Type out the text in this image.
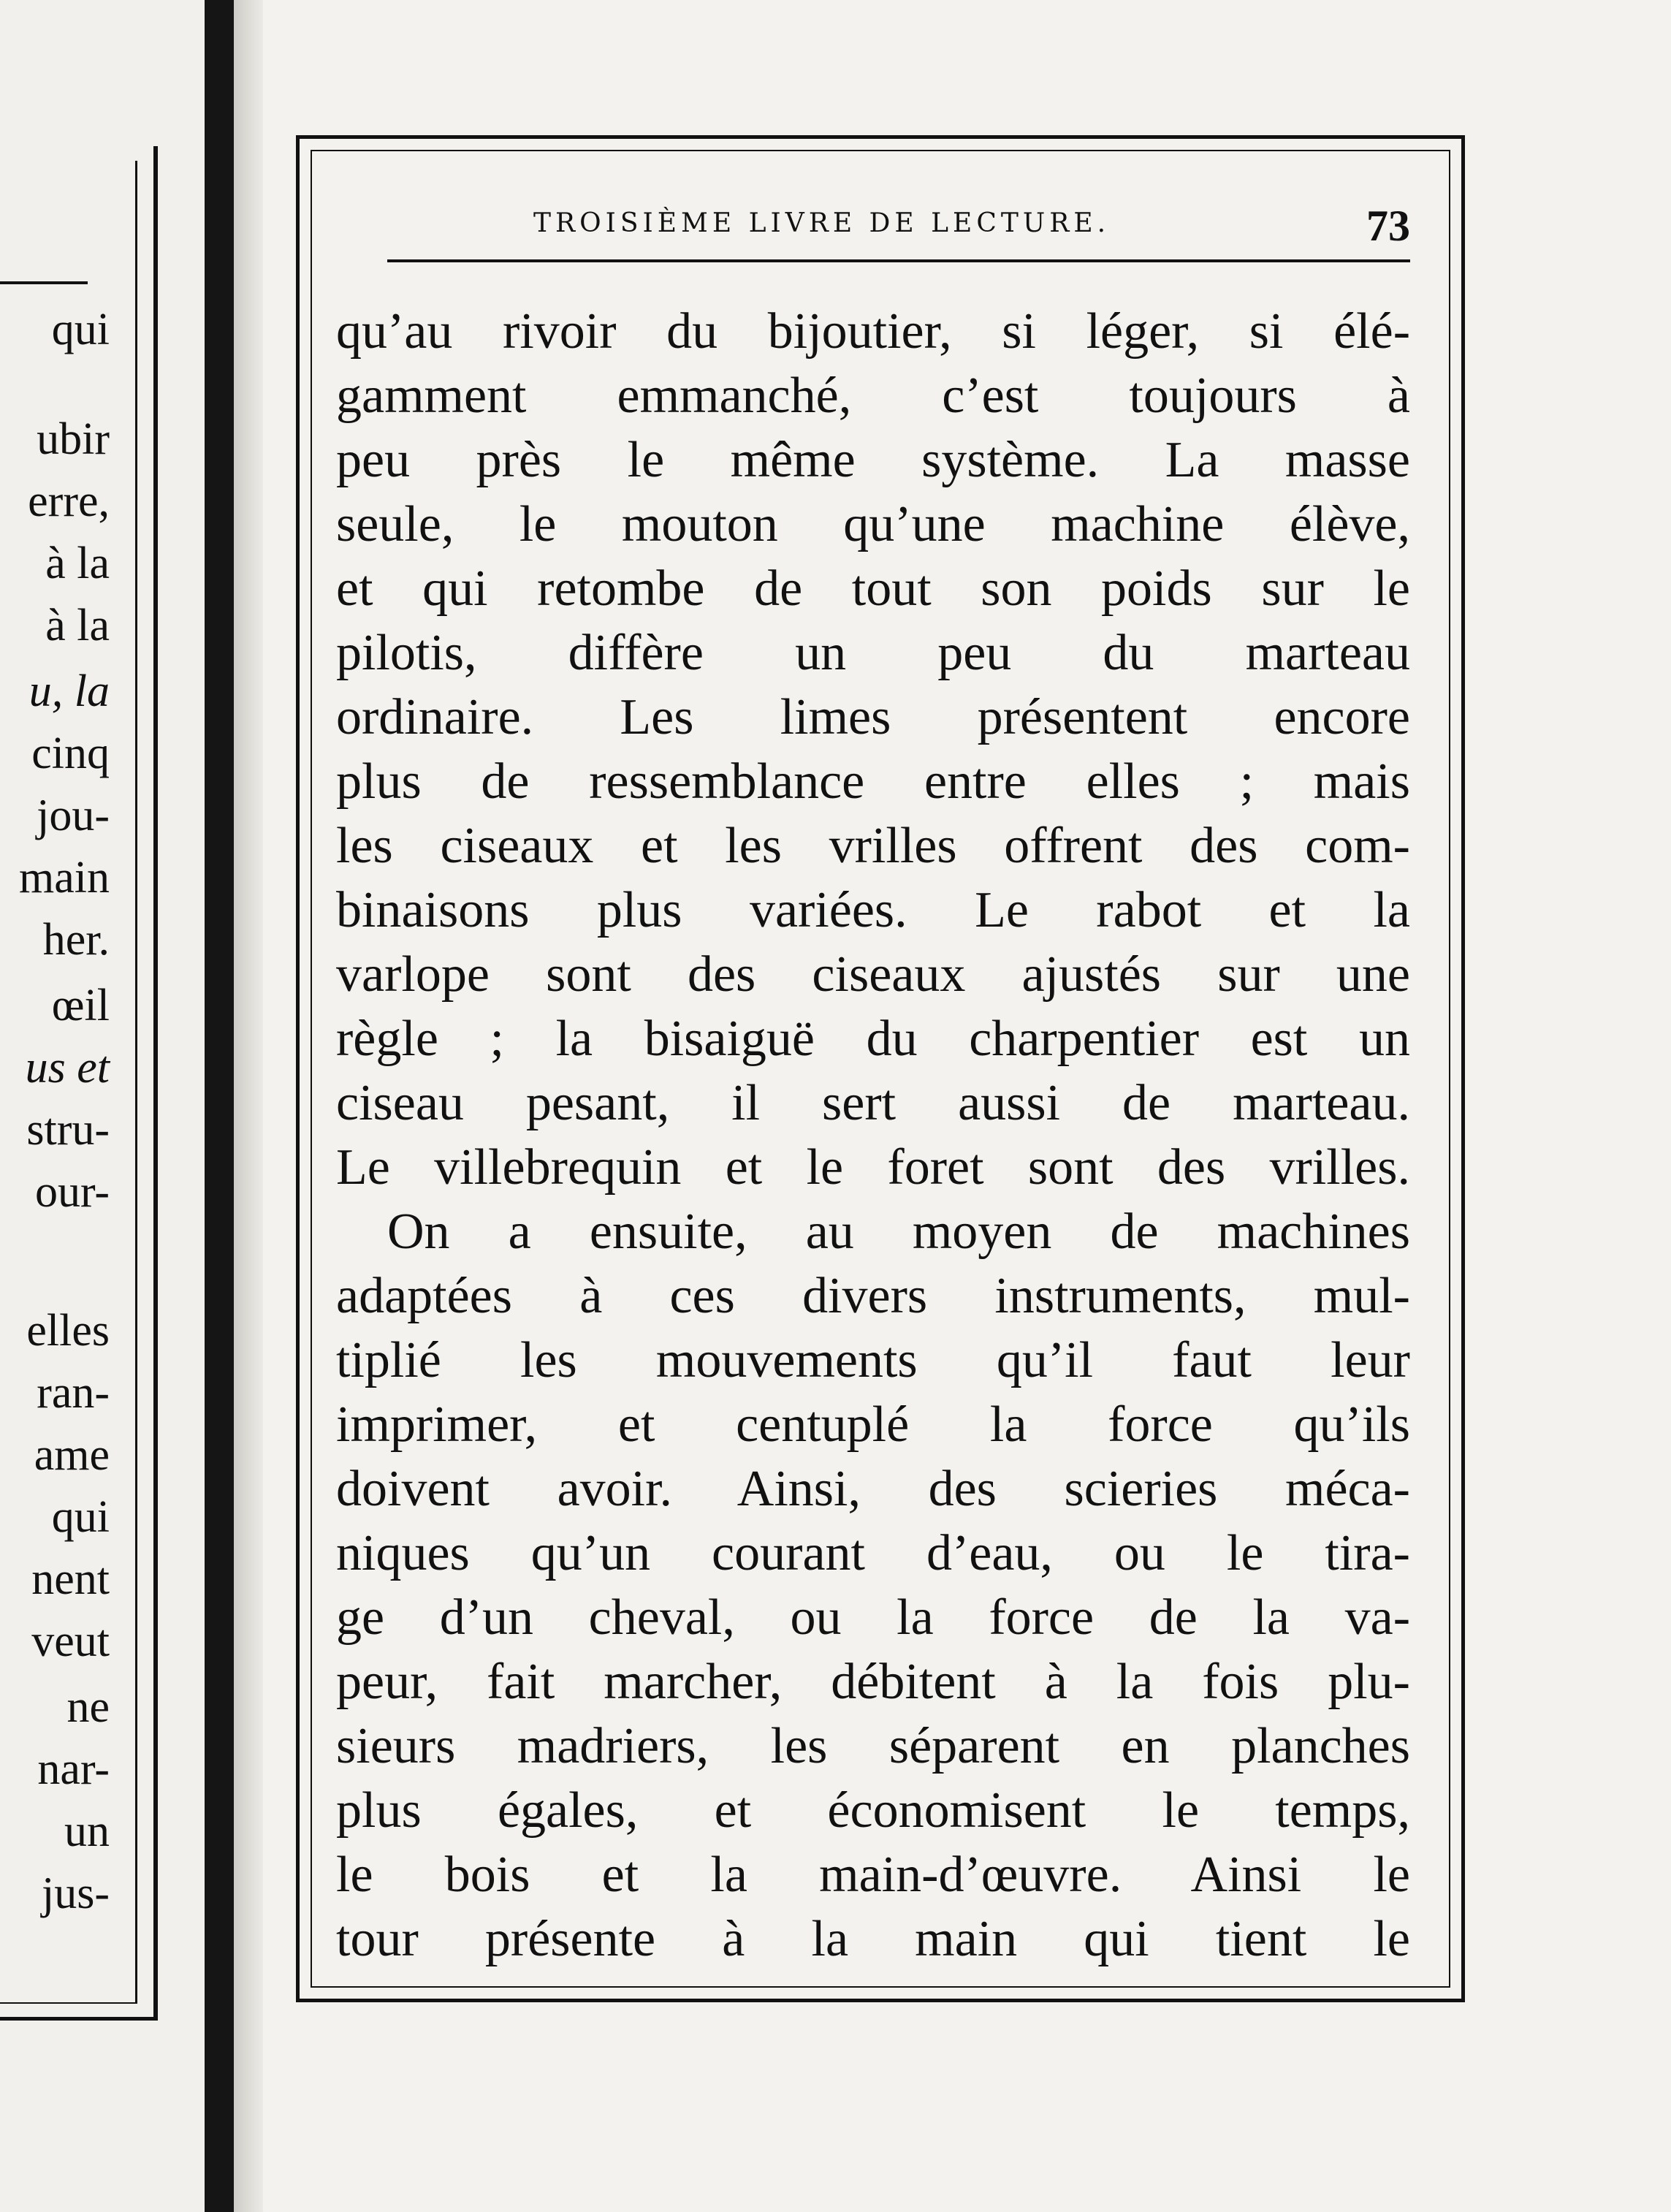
qui
ubir
erre,
à la
à la
u, la
cinq
jou-
main
her.
œil
us et
stru-
our-
elles
ran-
ame
qui
nent
veut
ne
nar-
un
jus-
TROISIÈME LIVRE DE LECTURE.	73
qu’au rivoir du bijoutier, si léger, si élé-
gamment emmanché, c’est toujours à
peu près le même système. La masse
seule, le mouton qu’une machine élève,
et qui retombe de tout son poids sur le
pilotis, diffère un peu du marteau
ordinaire. Les limes présentent encore
plus de ressemblance entre elles ; mais
les ciseaux et les vrilles offrent des com-
binaisons plus variées. Le rabot et la
varlope sont des ciseaux ajustés sur une
règle ; la bisaiguë du charpentier est un
ciseau pesant, il sert aussi de marteau.
Le villebrequin et le foret sont des vrilles.
On a ensuite, au moyen de machines
adaptées à ces divers instruments, mul-
tiplié les mouvements qu’il faut leur
imprimer, et centuplé la force qu’ils
doivent avoir. Ainsi, des scieries méca-
niques qu’un courant d’eau, ou le tira-
ge d’un cheval, ou la force de la va-
peur, fait marcher, débitent à la fois plu-
sieurs madriers, les séparent en planches
plus égales, et économisent le temps,
le bois et la main-d’œuvre. Ainsi le
tour présente à la main qui tient le
